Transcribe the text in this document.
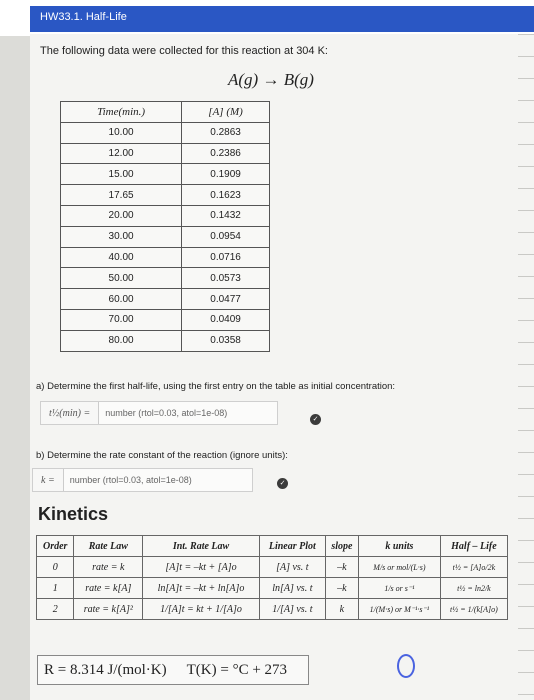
HW33.1. Half-Life
The following data were collected for this reaction at 304 K:
A(g) → B(g)
Time(min.)	[A] (M)
10.00	0.2863
12.00	0.2386
15.00	0.1909
17.65	0.1623
20.00	0.1432
30.00	0.0954
40.00	0.0716
50.00	0.0573
60.00	0.0477
70.00	0.0409
80.00	0.0358
a) Determine the first half-life, using the first entry on the table as initial concentration:
t½(min) =
number (rtol=0.03, atol=1e-08)
✓
b) Determine the rate constant of the reaction (ignore units):
k =
number (rtol=0.03, atol=1e-08)	✓
Kinetics
Order	Rate Law	Int. Rate Law	Linear Plot	slope	k units	Half – Life
0	rate = k	[A]t = –kt + [A]o	[A] vs. t	–k	M/s or mol/(L·s)	t½ = [A]o/2k
1	rate = k[A]	ln[A]t = –kt + ln[A]o	ln[A] vs. t	–k	1/s or s⁻¹	t½ = ln2/k
2	rate = k[A]²	1/[A]t = kt + 1/[A]o	1/[A] vs. t	k	1/(M·s) or M⁻¹·s⁻¹	t½ = 1/(k[A]o)
R = 8.314 J/(mol·K)	T(K) = °C + 273
